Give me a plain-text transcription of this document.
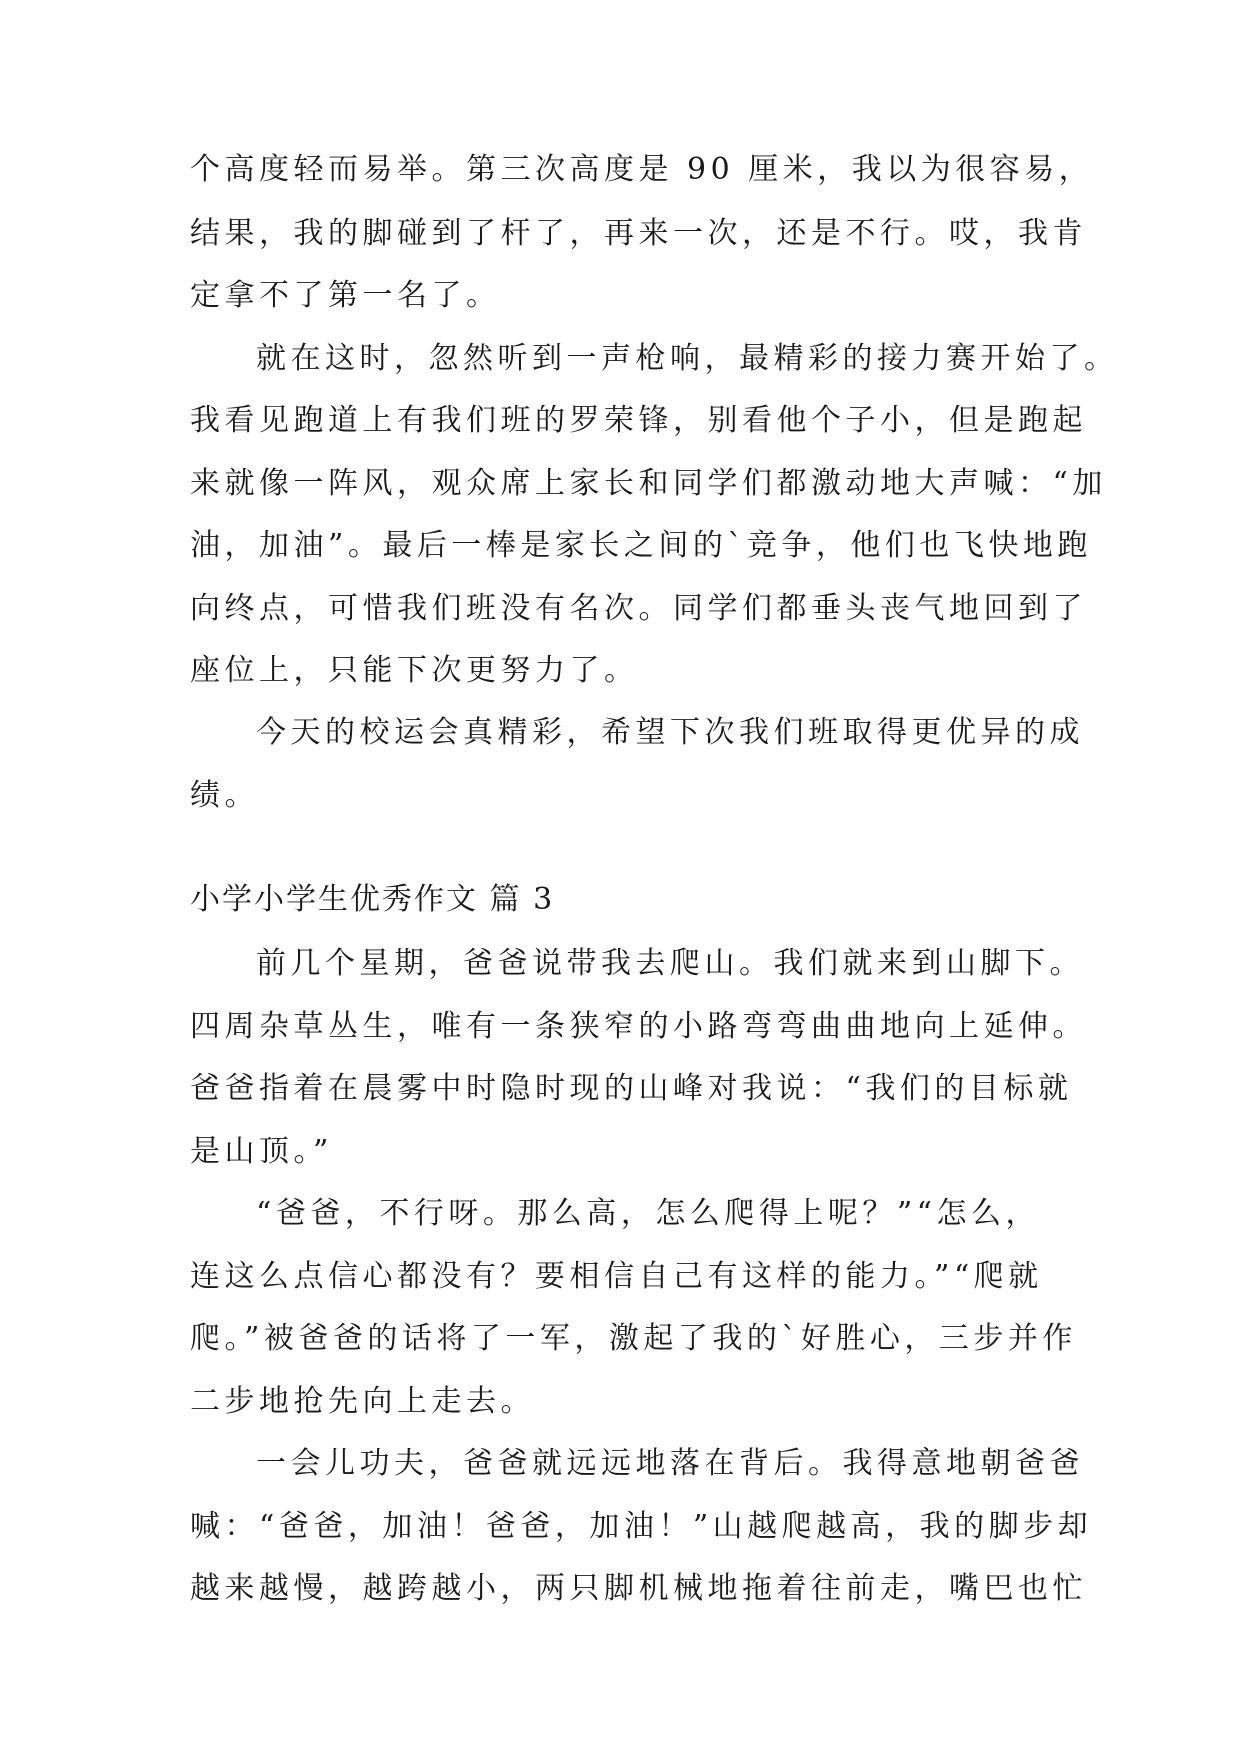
个高度轻而易举。第三次高度是 90 厘米，我以为很容易，
结果，我的脚碰到了杆了，再来一次，还是不行。哎，我肯
定拿不了第一名了。
就在这时，忽然听到一声枪响，最精彩的接力赛开始了。
我看见跑道上有我们班的罗荣锋，别看他个子小，但是跑起
来就像一阵风，观众席上家长和同学们都激动地大声喊：“加
油，加油”。最后一棒是家长之间的`竞争，他们也飞快地跑
向终点，可惜我们班没有名次。同学们都垂头丧气地回到了
座位上，只能下次更努力了。
今天的校运会真精彩，希望下次我们班取得更优异的成
绩。
小学小学生优秀作文 篇 3
前几个星期，爸爸说带我去爬山。我们就来到山脚下。
四周杂草丛生，唯有一条狭窄的小路弯弯曲曲地向上延伸。
爸爸指着在晨雾中时隐时现的山峰对我说：“我们的目标就
是山顶。”
“爸爸，不行呀。那么高，怎么爬得上呢？”“怎么，
连这么点信心都没有？要相信自己有这样的能力。”“爬就
爬。”被爸爸的话将了一军，激起了我的`好胜心，三步并作
二步地抢先向上走去。
一会儿功夫，爸爸就远远地落在背后。我得意地朝爸爸
喊：“爸爸，加油！爸爸，加油！”山越爬越高，我的脚步却
越来越慢，越跨越小，两只脚机械地拖着往前走，嘴巴也忙
